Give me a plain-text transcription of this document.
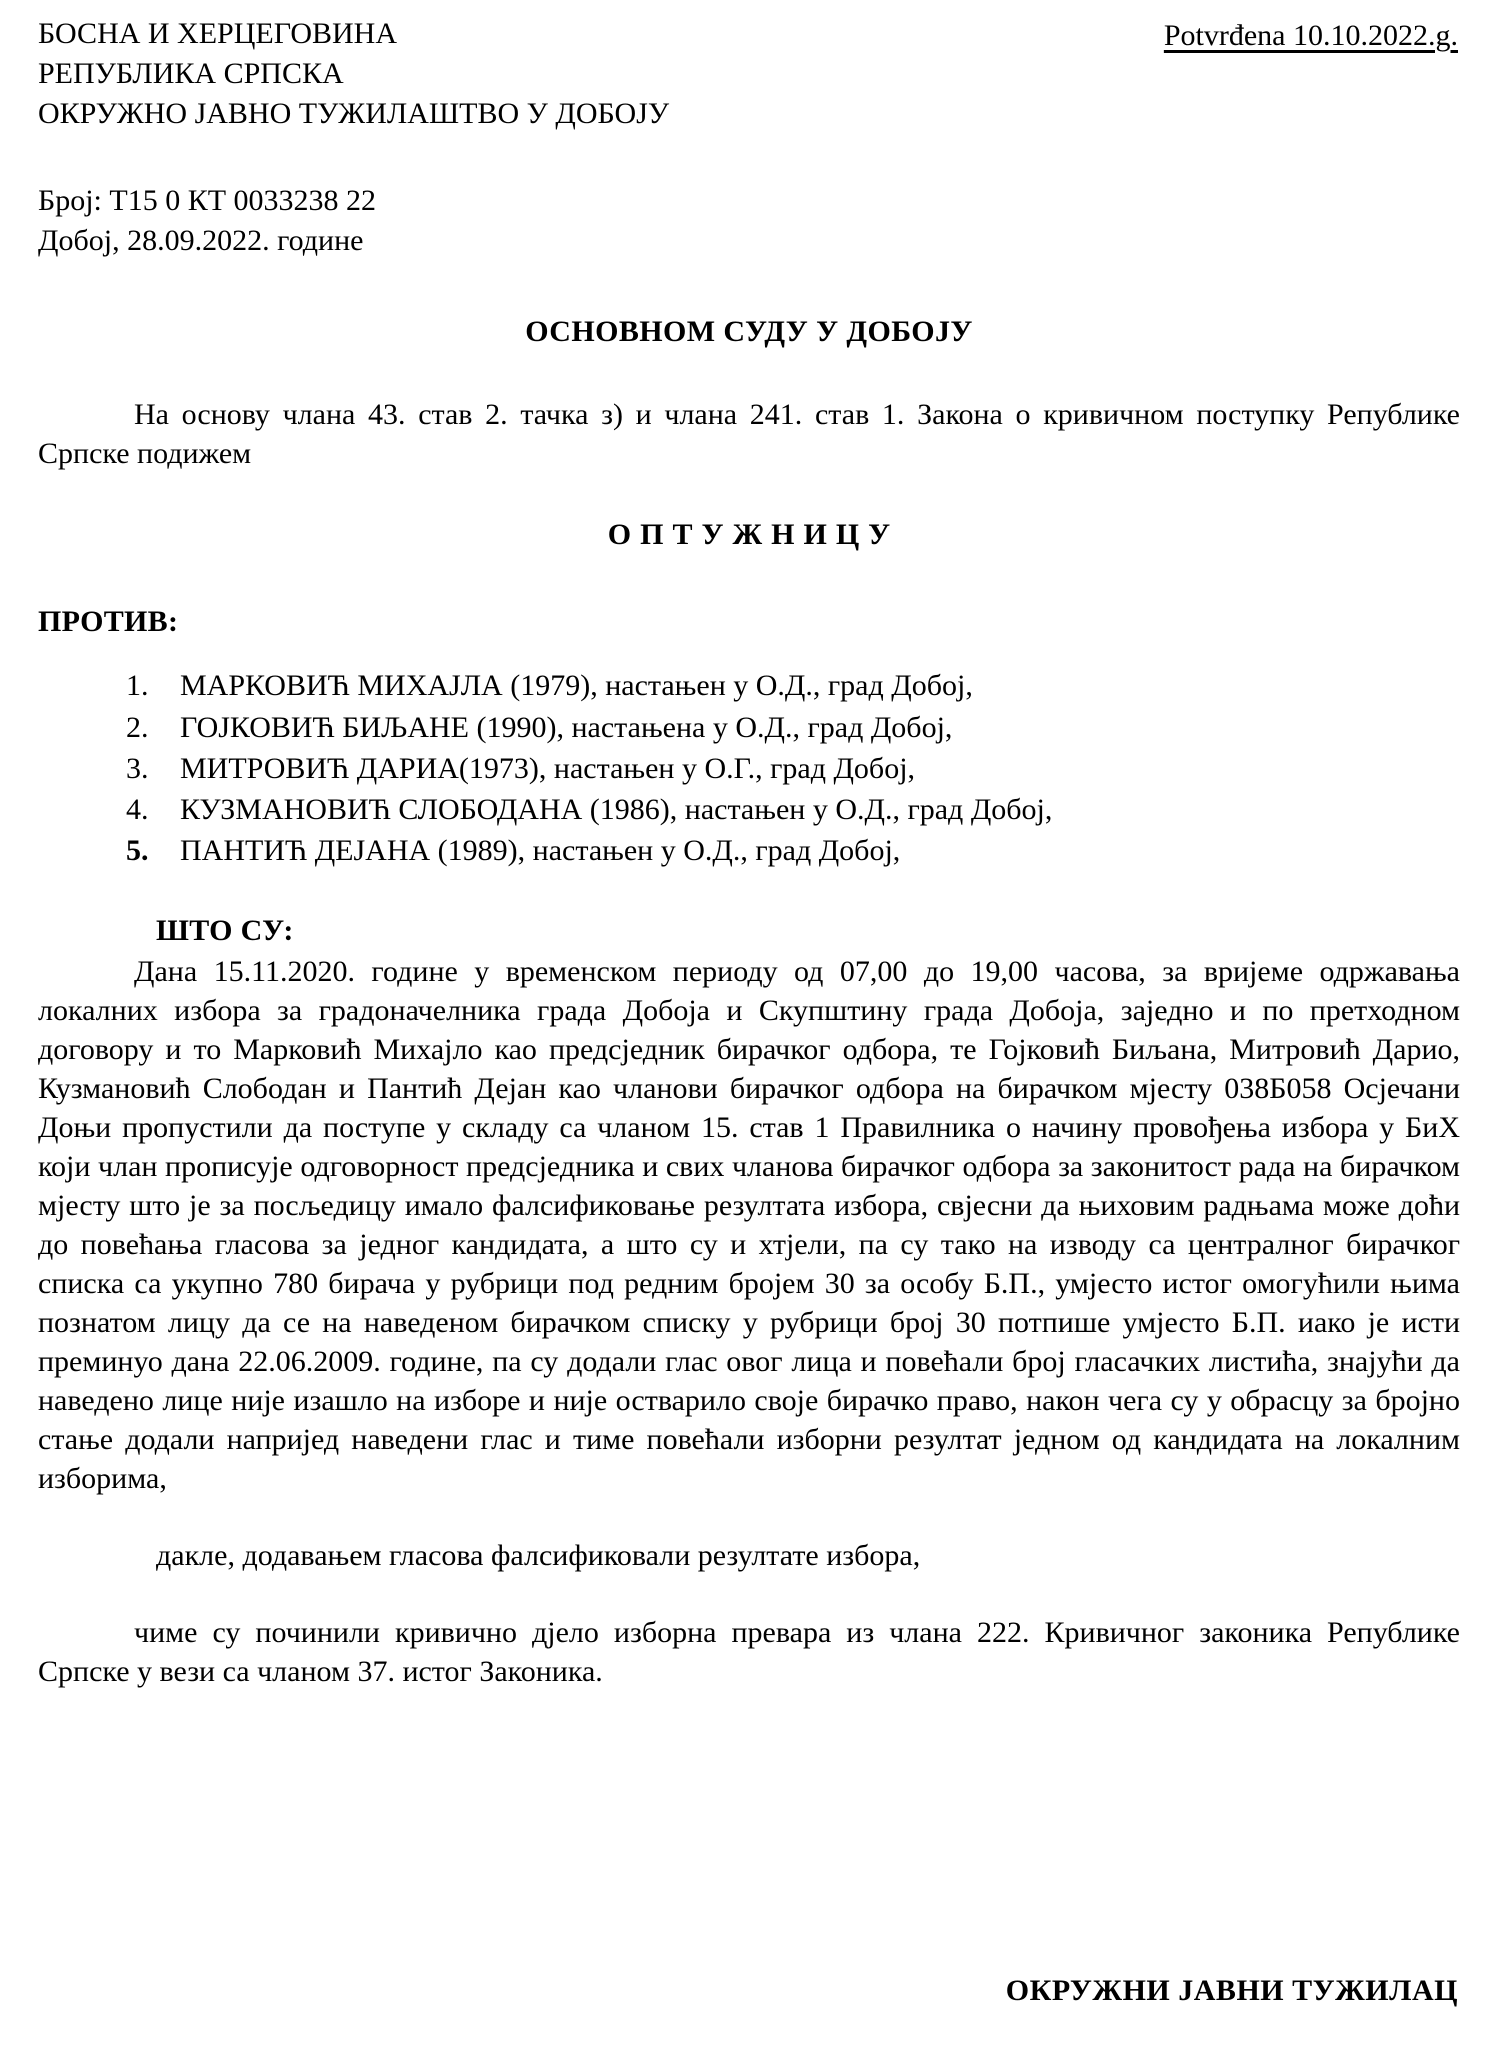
БОСНА И ХЕРЦЕГОВИНА
РЕПУБЛИКА СРПСКА
ОКРУЖНО ЈАВНО ТУЖИЛАШТВО У ДОБОЈУ
Potvrđena 10.10.2022.g.
Број: Т15 0 КТ 0033238 22
Добој, 28.09.2022. године
ОСНОВНОМ СУДУ У ДОБОЈУ

На основу члана 43. став 2. тачка з) и члана 241. став 1. Закона о кривичном поступку Републике Српске подижем

ОПТУЖНИЦУ
ПРОТИВ:
1.	МАРКОВИЋ МИХАЈЛА (1979), настањен у О.Д., град Добој,
2.	ГОЈКОВИЋ БИЉАНЕ (1990), настањена у О.Д., град Добој,
3.	МИТРОВИЋ ДАРИА(1973), настањен у О.Г., град Добој,
4.	КУЗМАНОВИЋ СЛОБОДАНА (1986), настањен у О.Д., град Добој,
5.	ПАНТИЋ ДЕЈАНА (1989), настањен у О.Д., град Добој,
ШТО СУ:

Дана 15.11.2020. године у временском периоду од 07,00 до 19,00 часова, за вријеме одржавања локалних избора за градоначелника града Добоја и Скупштину града Добоја, заједно и по претходном договору и то Марковић Михајло као предсједник бирачког одбора, те Гојковић Биљана, Митровић Дарио, Кузмановић Слободан и Пантић Дејан као чланови бирачког одбора на бирачком мјесту 038Б058 Осјечани Доњи пропустили да поступе у складу са чланом 15. став 1 Правилника о начину провођења избора у БиХ који члан прописује одговорност предсједника и свих чланова бирачког одбора за законитост рада на бирачком мјесту што је за посљедицу имало фалсификовање резултата избора, свјесни да њиховим радњама може доћи до повећања гласова за једног кандидата, а што су и хтјели, па су тако на изводу са централног бирачког списка са укупно 780 бирача у рубрици под редним бројем 30 за особу Б.П., умјесто истог омогућили њима познатом лицу да се на наведеном бирачком списку у рубрици број 30 потпише умјесто Б.П. иако је исти преминуо дана 22.06.2009. године, па су додали глас овог лица и повећали број гласачких листића, знајући да наведено лице није изашло на изборе и није остварило своје бирачко право, након чега су у обрасцу за бројно стање додали напријед наведени глас и тиме повећали изборни резултат једном од кандидата на локалним изборима,

дакле, додавањем гласова фалсификовали резултате избора,

чиме су починили кривично дјело изборна превара из члана 222. Кривичног законика Републике Српске у вези са чланом 37. истог Законика.

ОКРУЖНИ ЈАВНИ ТУЖИЛАЦ
